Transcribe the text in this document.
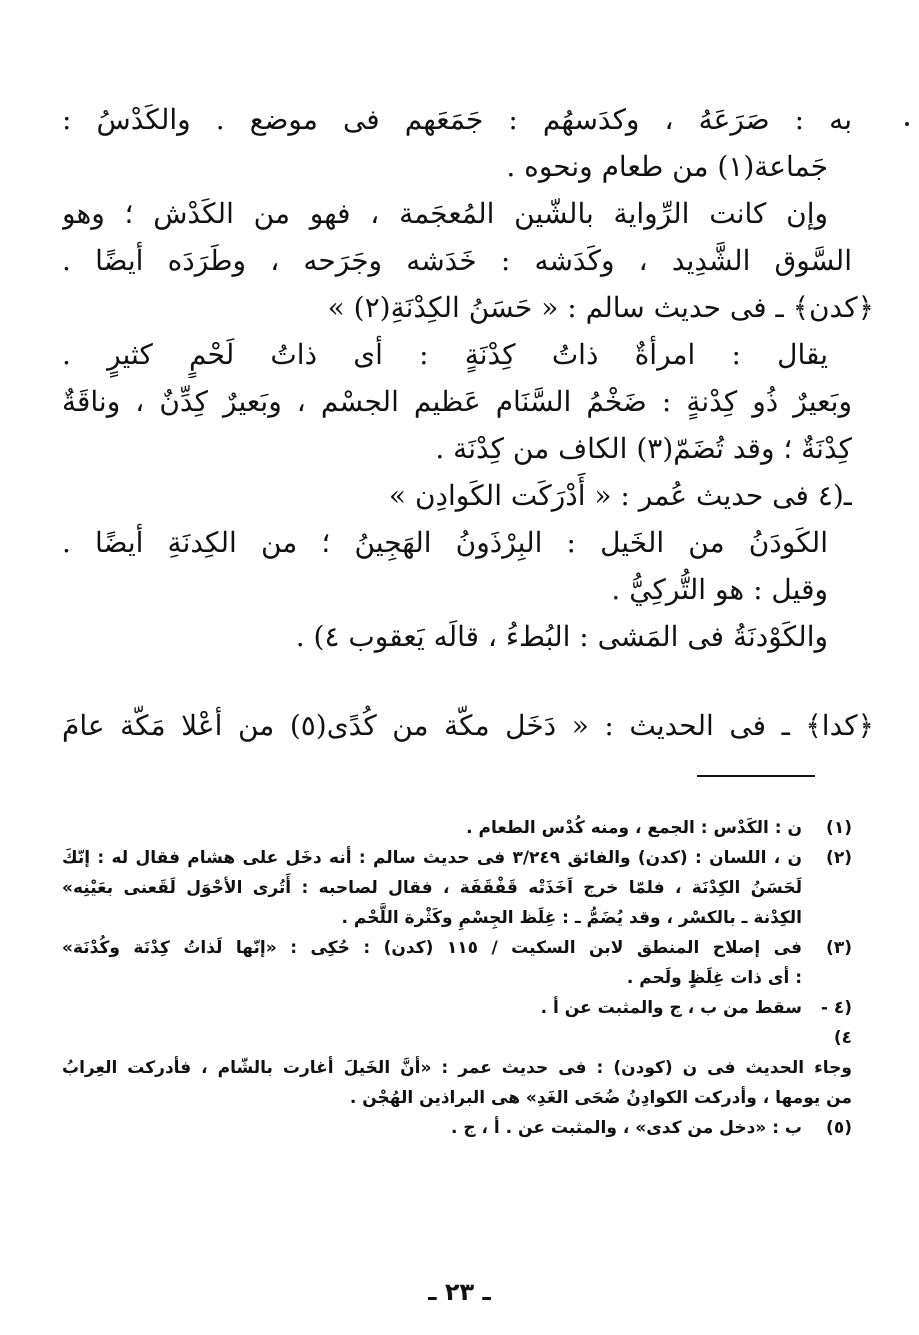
به : صَرَعَهُ ، وكدَسهُم : جَمَعَهم فى موضع . والكَدْسُ :
جَماعة(١) من طعام ونحوه .
وإن كانت الرِّواية بالشّين المُعجَمة ، فهو من الكَدْش ؛ وهو
السَّوق الشَّدِيد ، وكَدَشه : خَدَشه وجَرَحه ، وطَرَدَه أيضًا .
﴿كدن﴾ ـ فى حديث سالم : « حَسَنُ الكِدْنَةِ(٢) »
يقال : امرأةٌ ذاتُ كِدْنَةٍ : أى ذاتُ لَحْمٍ كثيرٍ .
وبَعيرٌ ذُو كِدْنةٍ : ضَخْمُ السَّنَام عَظيم الجسْم ، وبَعيرٌ كِدِّنٌ ، وناقَةٌ
كِدْنَةٌ ؛ وقد تُضَمّ(٣) الكاف من كِدْنَة .
ـ(٤ فى حديث عُمر : « أَدْرَكَت الكَوادِن »
الكَودَنُ من الخَيل : البِرْذَونُ الهَجِينُ ؛ من الكِدنَةِ أيضًا .
وقيل : هو التُّركِيُّ .
والكَوْدنَةُ فى المَشى : البُطءُ ، قالَه يَعقوب ٤) .
﴿كدا﴾ ـ فى الحديث : « دَخَل مكّة من كُدًى(٥) من أعْلا مَكّة عامَ
(١)
ن : الكَدْس : الجمع ، ومنه كُدْس الطعام .
(٢)
ن ، اللسان : (كدن) والفائق ٣/٢٤٩ فى حديث سالم : أنه دخَل على هشام فقال له : إنّكَ
لَحَسَنُ الكِدْنَة ، فلمّا خرج اَخَذَتْه قَفْقَفَة ، فقال لصاحبه : أَتُرى الأحْوَل لَقَعنى بعَيْنِه»
الكِدْنة ـ بالكسْر ، وقد يُضَمُّ ـ : غِلَظ الجِسْمِ وكَثْرة اللَّحْم .
(٣)
فى إصلاح المنطق لابن السكيت / ١١٥ (كدن) : حُكِى : «إنّها لَذاتُ كِدْنَة وكُدْنَة»
: أى ذات غِلَظٍ ولَحم .
(٤ - ٤)
سقط من ب ، ج والمثبت عن أ .
وجاء الحديث فى ن (كودن) : فى حديث عمر : «أنَّ الخَيلَ أغارت بالشّام ، فأدركت العِرابُ
من يومها ، وأدركت الكوادِنُ ضُحَى الغَدِ» هى البراذين الهُجْن .
(٥)
ب : «دخل من كدى» ، والمثبت عن . أ ، ج .
ـ ٢٣ ـ
